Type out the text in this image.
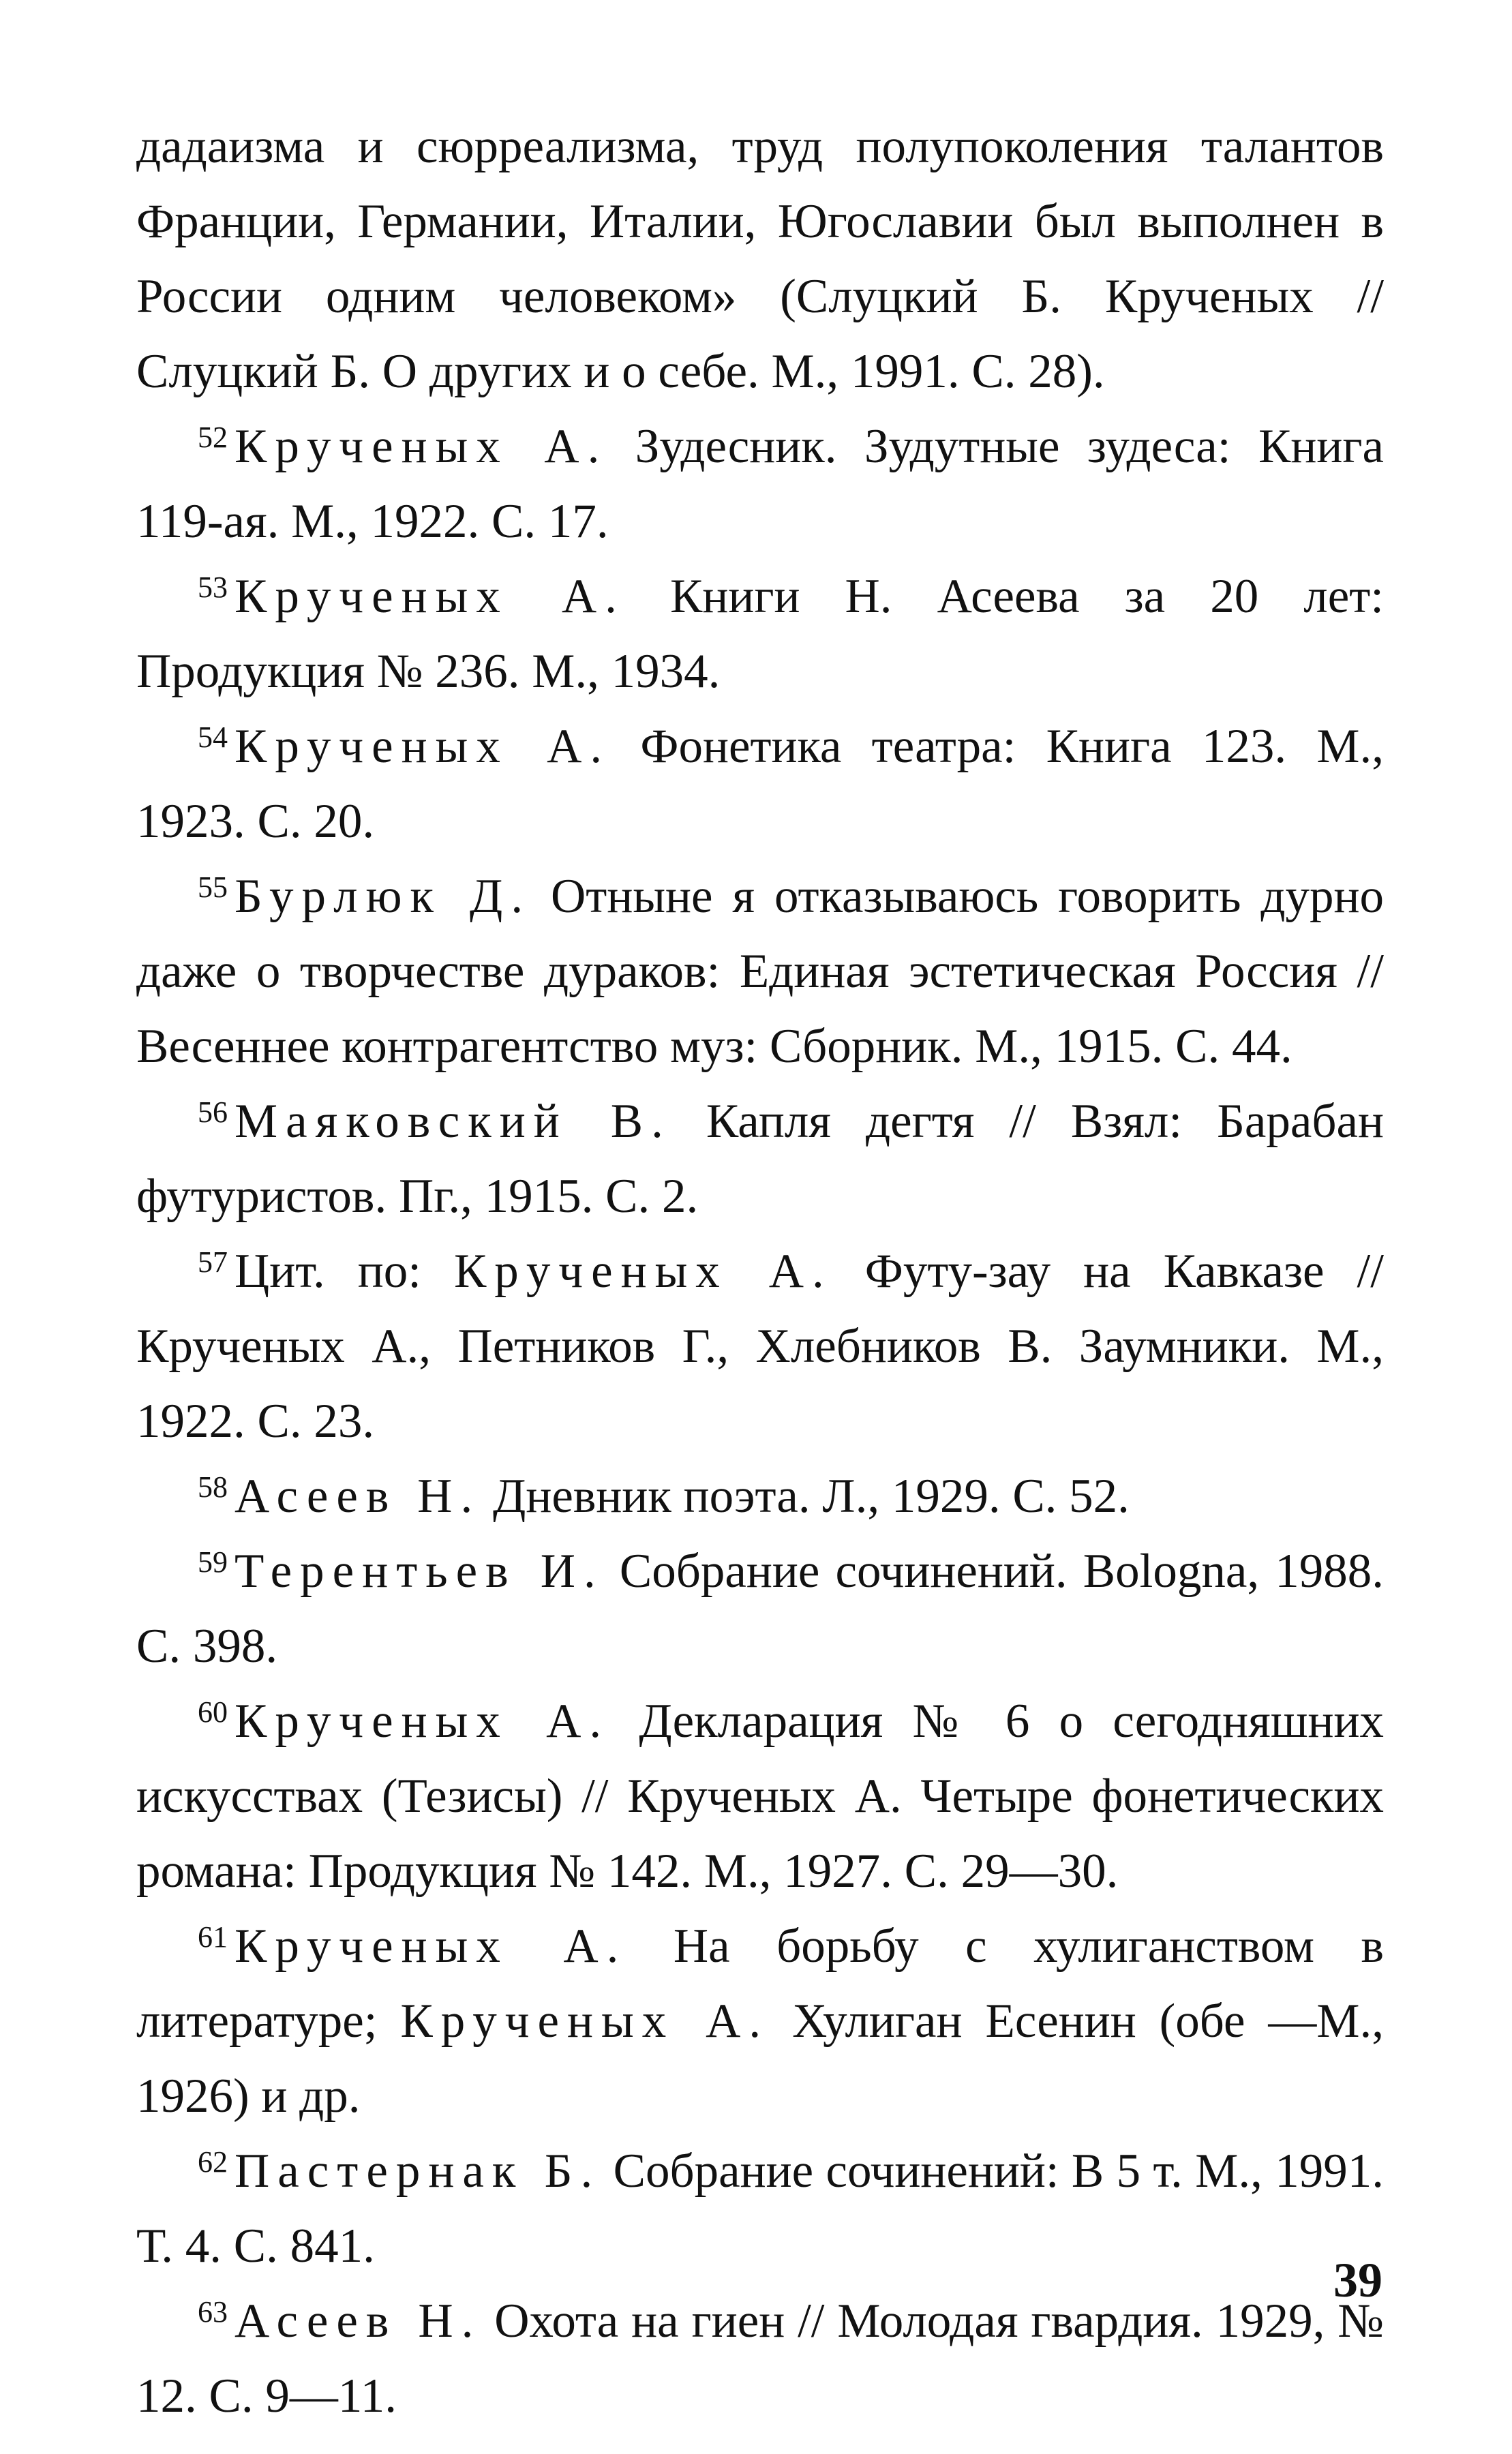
дадаизма и сюрреализма, труд полупоколения талантов Франции, Германии, Италии, Югославии был выполнен в России одним человеком» (Слуцкий Б. Крученых // Слуцкий Б. О других и о себе. М., 1991. С. 28).

$^{52}$ Крученых А. Зудесник. Зудутные зудеса: Книга 119-ая. М., 1922. С. 17.

$^{53}$ Крученых А. Книги Н. Асеева за 20 лет: Продукция № 236. М., 1934.

$^{54}$ Крученых А. Фонетика театра: Книга 123. М., 1923. С. 20.

$^{55}$ Бурлюк Д. Отныне я отказываюсь говорить дурно даже о творчестве дураков: Единая эстетическая Россия // Весеннее контрагентство муз: Сборник. М., 1915. С. 44.

$^{56}$ Маяковский В. Капля дегтя // Взял: Барабан футуристов. Пг., 1915. С. 2.

$^{57}$ Цит. по: Крученых А. Футу-зау на Кавказе // Крученых А., Петников Г., Хлебников В. Заумники. М., 1922. С. 23.

$^{58}$ Асеев Н. Дневник поэта. Л., 1929. С. 52.

$^{59}$ Терентьев И. Собрание сочинений. Bologna, 1988. С. 398.

$^{60}$ Крученых А. Декларация № 6 о сегодняшних искусствах (Тезисы) // Крученых А. Четыре фонетических романа: Продукция № 142. М., 1927. С. 29—30.

$^{61}$ Крученых А. На борьбу с хулиганством в литературе; Крученых А. Хулиган Есенин (обе —М., 1926) и др.

$^{62}$ Пастернак Б. Собрание сочинений: В 5 т. М., 1991. Т. 4. С. 841.

$^{63}$ Асеев Н. Охота на гиен // Молодая гвардия. 1929, № 12. С. 9—11.

39
